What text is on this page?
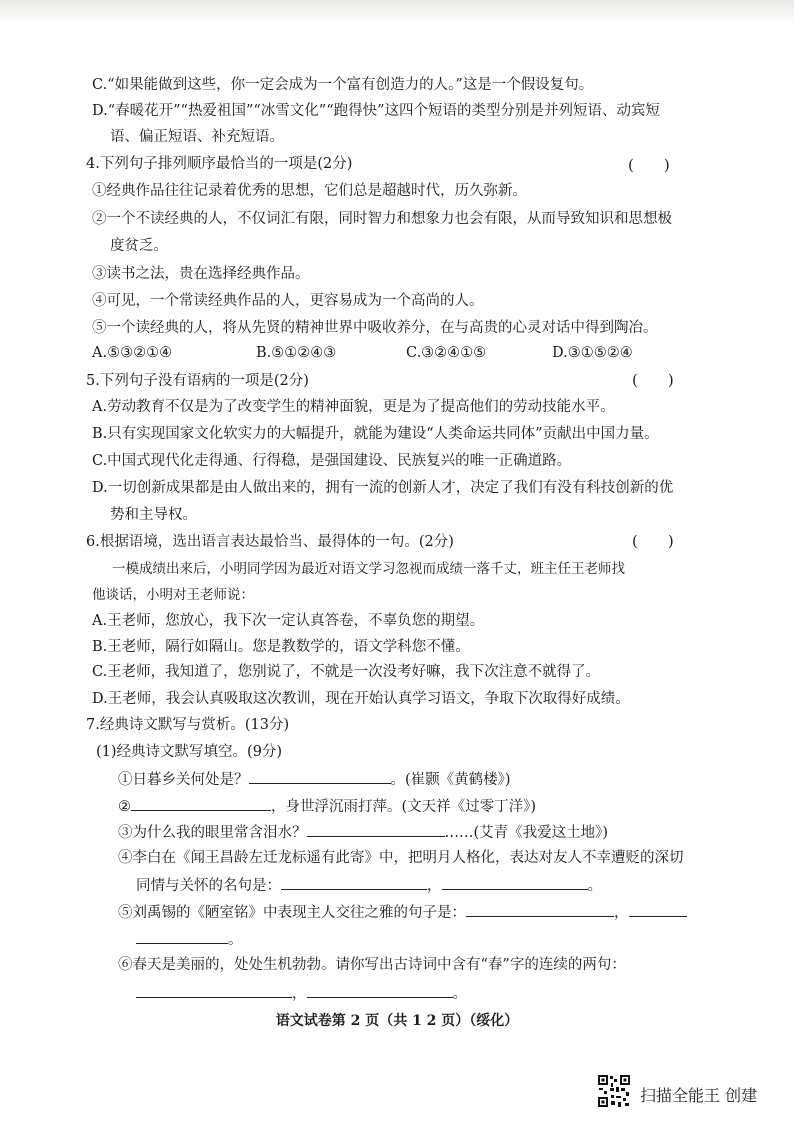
C.“如果能做到这些，你一定会成为一个富有创造力的人。”这是一个假设复句。
D.“春暖花开”“热爱祖国”“冰雪文化”“跑得快”这四个短语的类型分别是并列短语、动宾短
语、偏正短语、补充短语。
4.下列句子排列顺序最恰当的一项是(2分)	(　　)
①经典作品往往记录着优秀的思想，它们总是超越时代，历久弥新。
②一个不读经典的人，不仅词汇有限，同时智力和想象力也会有限，从而导致知识和思想极
度贫乏。
③读书之法，贵在选择经典作品。
④可见，一个常读经典作品的人，更容易成为一个高尚的人。
⑤一个读经典的人，将从先贤的精神世界中吸收养分，在与高贵的心灵对话中得到陶冶。
A.⑤③②①④	B.⑤①②④③	C.③②④①⑤	D.③①⑤②④
5.下列句子没有语病的一项是(2分)	(　　)
A.劳动教育不仅是为了改变学生的精神面貌，更是为了提高他们的劳动技能水平。
B.只有实现国家文化软实力的大幅提升，就能为建设“人类命运共同体”贡献出中国力量。
C.中国式现代化走得通、行得稳，是强国建设、民族复兴的唯一正确道路。
D.一切创新成果都是由人做出来的，拥有一流的创新人才，决定了我们有没有科技创新的优
势和主导权。
6.根据语境，选出语言表达最恰当、最得体的一句。(2分)	(　　)
一模成绩出来后，小明同学因为最近对语文学习忽视而成绩一落千丈，班主任王老师找
他谈话，小明对王老师说：
A.王老师，您放心，我下次一定认真答卷，不辜负您的期望。
B.王老师，隔行如隔山。您是教数学的，语文学科您不懂。
C.王老师，我知道了，您别说了，不就是一次没考好嘛，我下次注意不就得了。
D.王老师，我会认真吸取这次教训，现在开始认真学习语文，争取下次取得好成绩。
7.经典诗文默写与赏析。(13分)
(1)经典诗文默写填空。(9分)
①日暮乡关何处是？	。(崔颢《黄鹤楼》)
②	，身世浮沉雨打萍。(文天祥《过零丁洋》)
③为什么我的眼里常含泪水？	……(艾青《我爱这土地》)
④李白在《闻王昌龄左迁龙标遥有此寄》中，把明月人格化，表达对友人不幸遭贬的深切
同情与关怀的名句是：	，	。
⑤刘禹锡的《陋室铭》中表现主人交往之雅的句子是：	，
。
⑥春天是美丽的，处处生机勃勃。请你写出古诗词中含有“春”字的连续的两句：
，	。
语文试卷第 2 页（共 1 2 页）（绥化）
扫描全能王 创建
